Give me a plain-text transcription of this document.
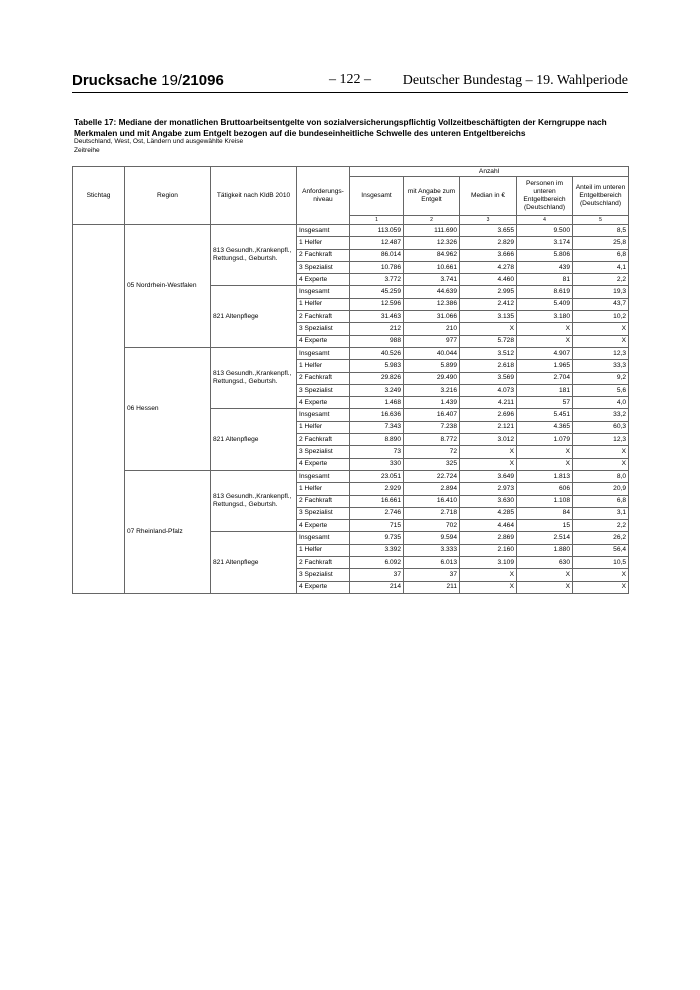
Drucksache 19/21096	– 122 –	Deutscher Bundestag – 19. Wahlperiode
Tabelle 17: Mediane der monatlichen Bruttoarbeitsentgelte von sozialversicherungspflichtig Vollzeitbeschäftigten der Kerngruppe nach
Merkmalen und mit Angabe zum Entgelt bezogen auf die bundeseinheitliche Schwelle des unteren Entgeltbereichs
Deutschland, West, Ost, Ländern und ausgewählte Kreise
Zeitreihe
Stichtag	Region	Tätigkeit nach KldB 2010	Anforderungs-niveau	Anzahl				
				Insgesamt	mit Angabe zum Entgelt	Median in €	Personen im unteren Entgeltbereich (Deutschland)	Anteil im unteren Entgeltbereich (Deutschland)
				1	2	3	4	5
	05 Nordrhein-Westfalen	813 Gesundh.,Krankenpfl., Rettungsd., Geburtsh.	Insgesamt	113.059	111.690	3.655	9.500	8,5
			1 Helfer	12.487	12.326	2.829	3.174	25,8
			2 Fachkraft	86.014	84.962	3.666	5.806	6,8
			3 Spezialist	10.786	10.661	4.278	439	4,1
			4 Experte	3.772	3.741	4.460	81	2,2
		821 Altenpflege	Insgesamt	45.259	44.639	2.995	8.619	19,3
			1 Helfer	12.596	12.386	2.412	5.409	43,7
			2 Fachkraft	31.463	31.066	3.135	3.180	10,2
			3 Spezialist	212	210	X	X	X
			4 Experte	988	977	5.728	X	X
	06 Hessen	813 Gesundh.,Krankenpfl., Rettungsd., Geburtsh.	Insgesamt	40.526	40.044	3.512	4.907	12,3
			1 Helfer	5.983	5.899	2.618	1.965	33,3
			2 Fachkraft	29.826	29.490	3.569	2.704	9,2
			3 Spezialist	3.249	3.216	4.073	181	5,6
			4 Experte	1.468	1.439	4.211	57	4,0
		821 Altenpflege	Insgesamt	16.636	16.407	2.696	5.451	33,2
			1 Helfer	7.343	7.238	2.121	4.365	60,3
			2 Fachkraft	8.890	8.772	3.012	1.079	12,3
			3 Spezialist	73	72	X	X	X
			4 Experte	330	325	X	X	X
	07 Rheinland-Pfalz	813 Gesundh.,Krankenpfl., Rettungsd., Geburtsh.	Insgesamt	23.051	22.724	3.649	1.813	8,0
			1 Helfer	2.929	2.894	2.973	606	20,9
			2 Fachkraft	16.661	16.410	3.630	1.108	6,8
			3 Spezialist	2.746	2.718	4.285	84	3,1
			4 Experte	715	702	4.464	15	2,2
		821 Altenpflege	Insgesamt	9.735	9.594	2.869	2.514	26,2
			1 Helfer	3.392	3.333	2.160	1.880	56,4
			2 Fachkraft	6.092	6.013	3.109	630	10,5
			3 Spezialist	37	37	X	X	X
			4 Experte	214	211	X	X	X
